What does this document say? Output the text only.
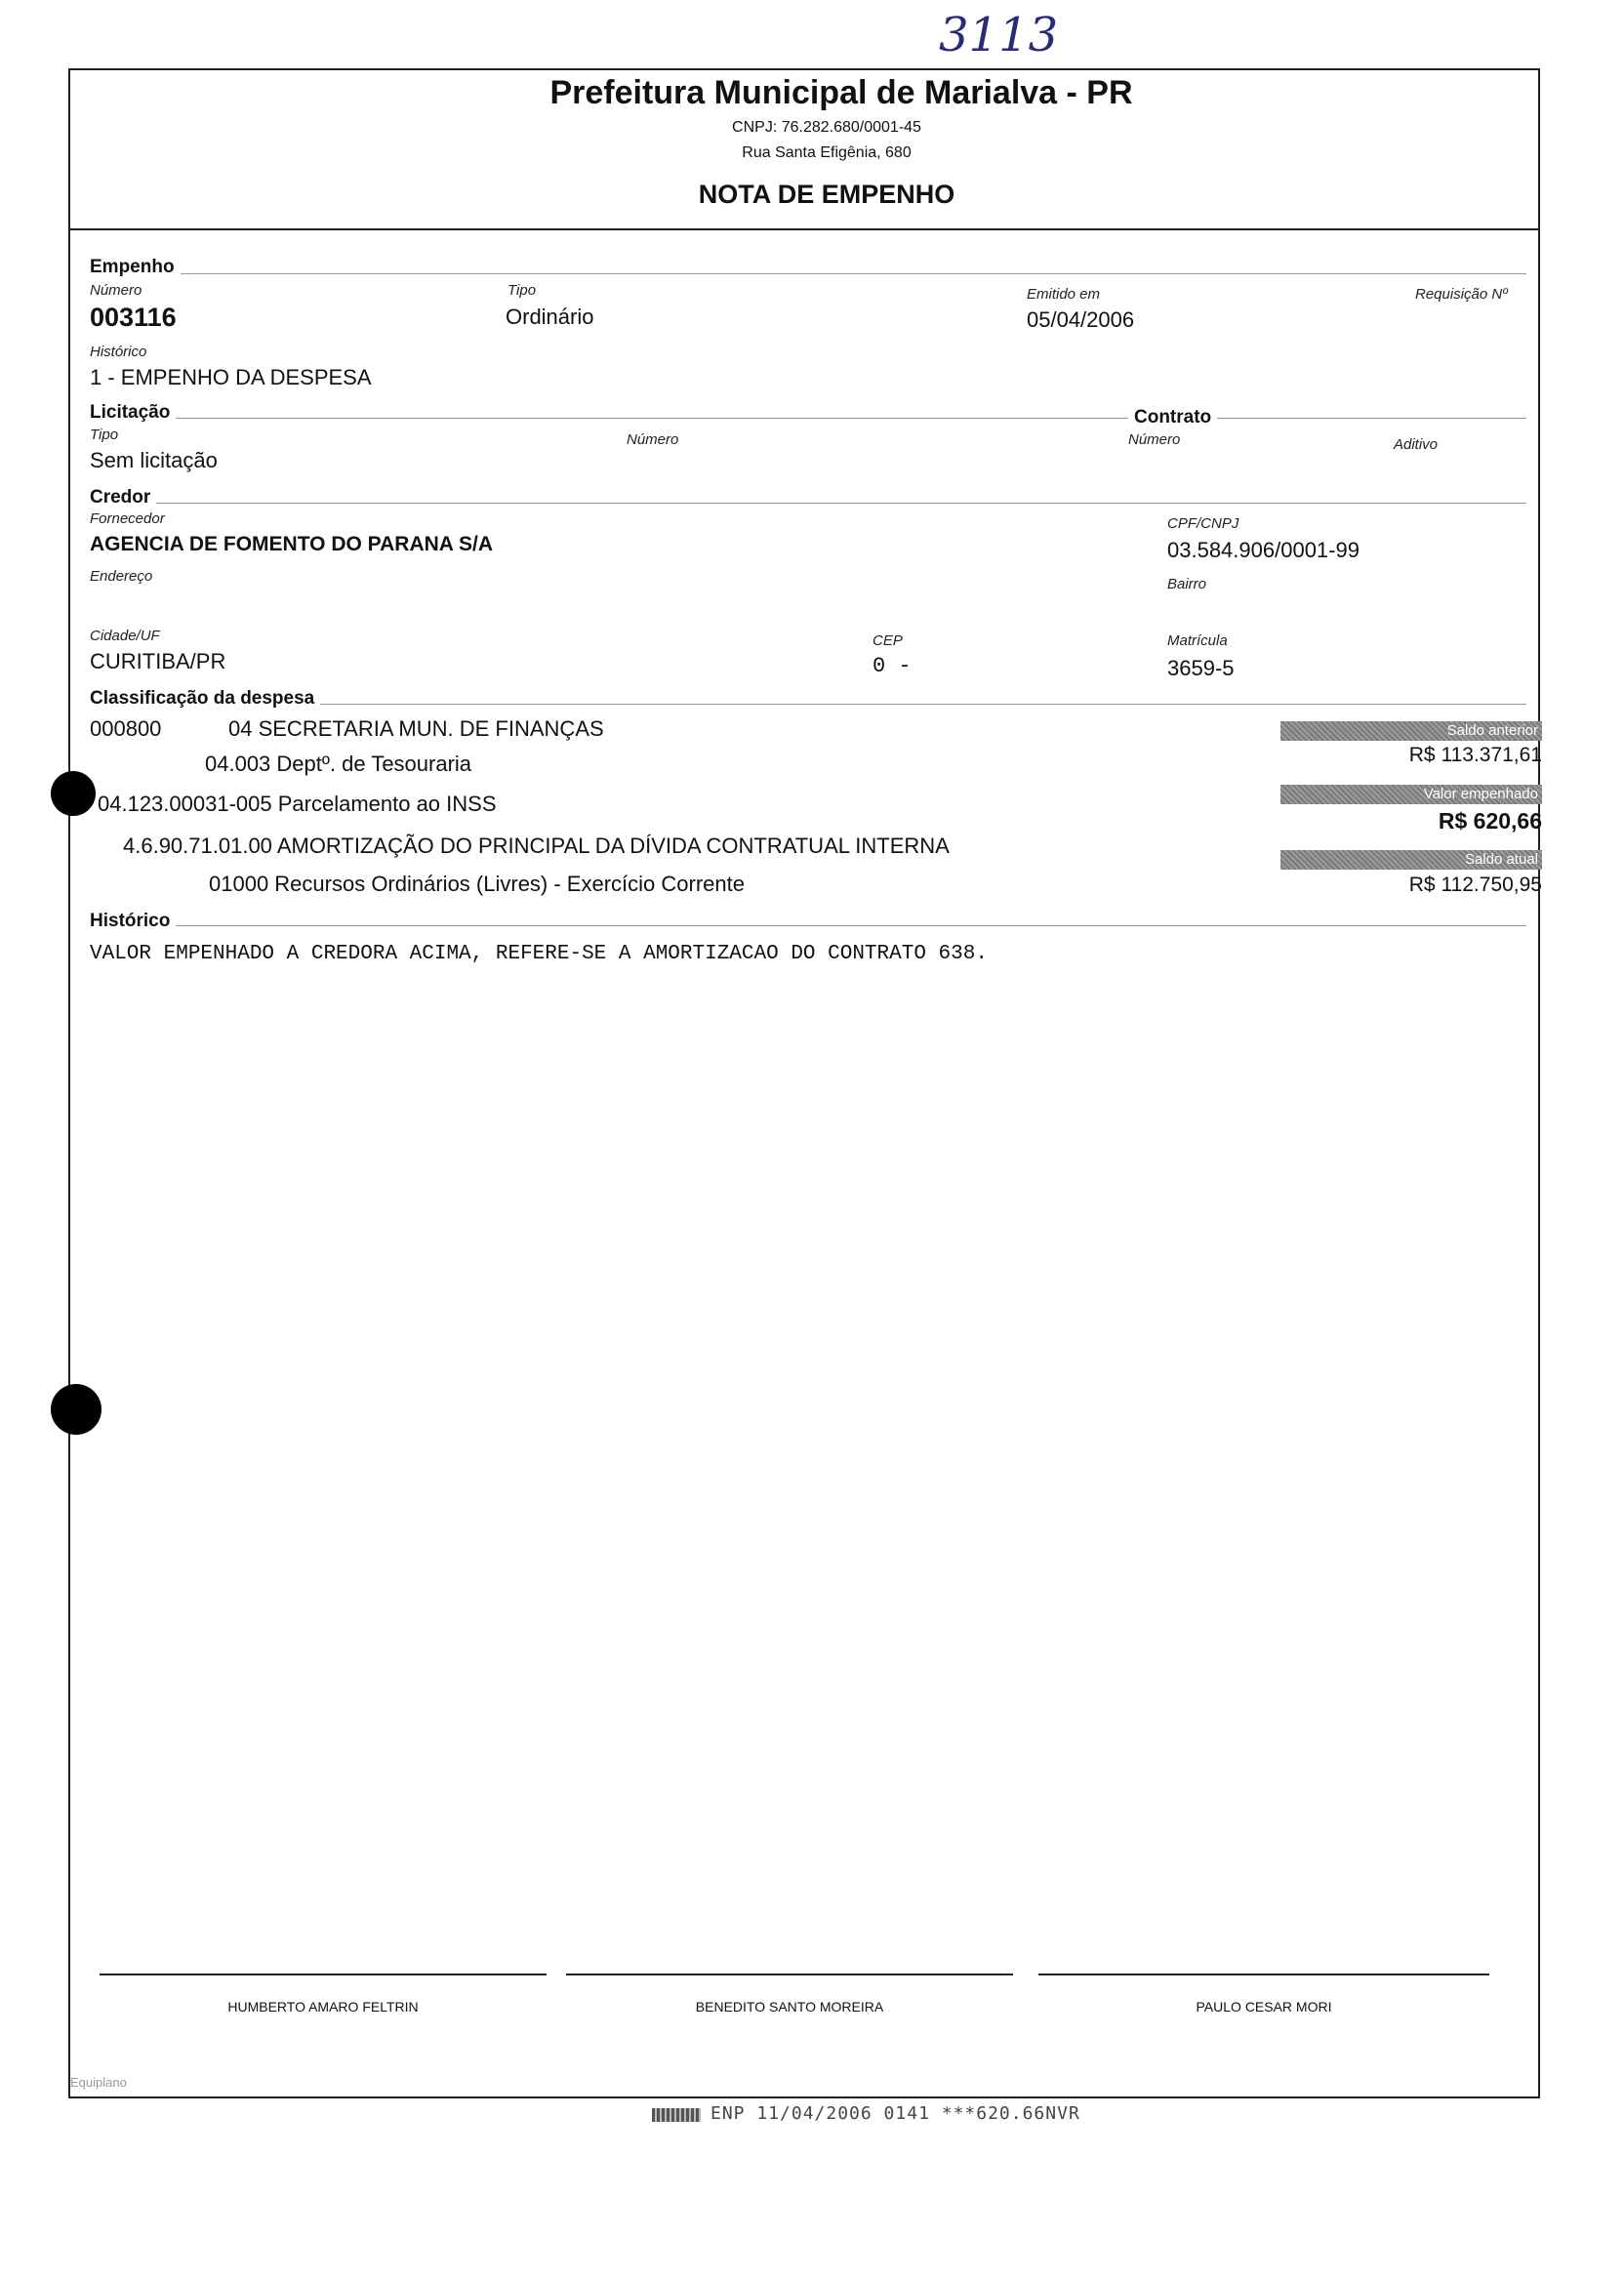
3113
Prefeitura Municipal de Marialva - PR
CNPJ: 76.282.680/0001-45
Rua Santa Efigênia, 680
NOTA DE EMPENHO
Empenho
Número
003116
Tipo
Ordinário
Emitido em
05/04/2006
Requisição Nº
Histórico
1 - EMPENHO DA DESPESA
Licitação	Contrato
Tipo
Sem licitação
Número	Número	Aditivo
Credor
Fornecedor
AGENCIA DE FOMENTO DO PARANA S/A
CPF/CNPJ
03.584.906/0001-99
Endereço	Bairro
Cidade/UF
CURITIBA/PR
CEP
0 -
Matrícula
3659-5
Classificação da despesa
000800	04 SECRETARIA MUN. DE FINANÇAS
04.003 Deptº. de Tesouraria
04.123.00031-005 Parcelamento ao INSS
4.6.90.71.01.00 AMORTIZAÇÃO DO PRINCIPAL DA DÍVIDA CONTRATUAL INTERNA
01000 Recursos Ordinários (Livres) - Exercício Corrente
Saldo anterior
R$ 113.371,61
Valor empenhado
R$ 620,66
Saldo atual
R$ 112.750,95
Histórico
VALOR EMPENHADO A CREDORA ACIMA, REFERE-SE A AMORTIZACAO DO CONTRATO 638.
HUMBERTO AMARO FELTRIN	BENEDITO SANTO MOREIRA	PAULO CESAR MORI
Equiplano
ENP 11/04/2006 0141 ***620.66NVR
